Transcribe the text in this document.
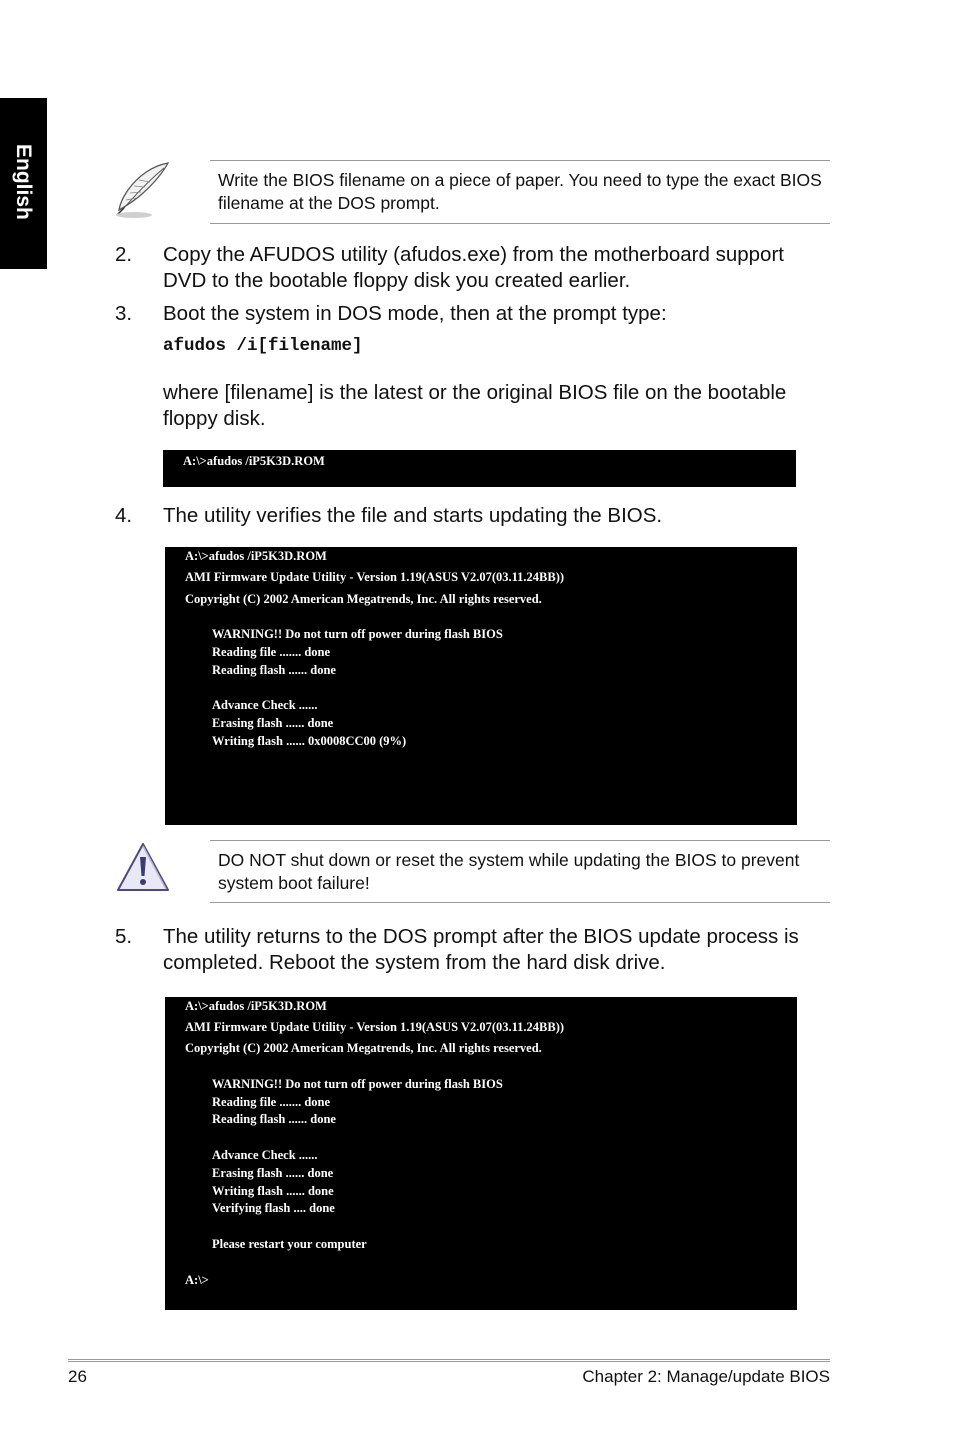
English	Write the BIOS filename on a piece of paper. You need to type the exact BIOS filename at the DOS prompt.
2. Copy the AFUDOS utility (afudos.exe) from the motherboard support DVD to the bootable floppy disk you created earlier.
3. Boot the system in DOS mode, then at the prompt type:
afudos /i[filename]
where [filename] is the latest or the original BIOS file on the bootable floppy disk.
A:\>afudos /iP5K3D.ROM
4. The utility verifies the file and starts updating the BIOS.
A:\>afudos /iP5K3D.ROM
AMI Firmware Update Utility - Version 1.19(ASUS V2.07(03.11.24BB))
Copyright (C) 2002 American Megatrends, Inc. All rights reserved.
WARNING!! Do not turn off power during flash BIOS
Reading file ....... done
Reading flash ...... done
Advance Check ......
Erasing flash ...... done
Writing flash ...... 0x0008CC00 (9%)
DO NOT shut down or reset the system while updating the BIOS to prevent system boot failure!
5. The utility returns to the DOS prompt after the BIOS update process is completed. Reboot the system from the hard disk drive.
A:\>afudos /iP5K3D.ROM
AMI Firmware Update Utility - Version 1.19(ASUS V2.07(03.11.24BB))
Copyright (C) 2002 American Megatrends, Inc. All rights reserved.
WARNING!! Do not turn off power during flash BIOS
Reading file ....... done
Reading flash ...... done
Advance Check ......
Erasing flash ...... done
Writing flash ...... done
Verifying flash .... done
Please restart your computer
A:\>
26	Chapter 2: Manage/update BIOS
